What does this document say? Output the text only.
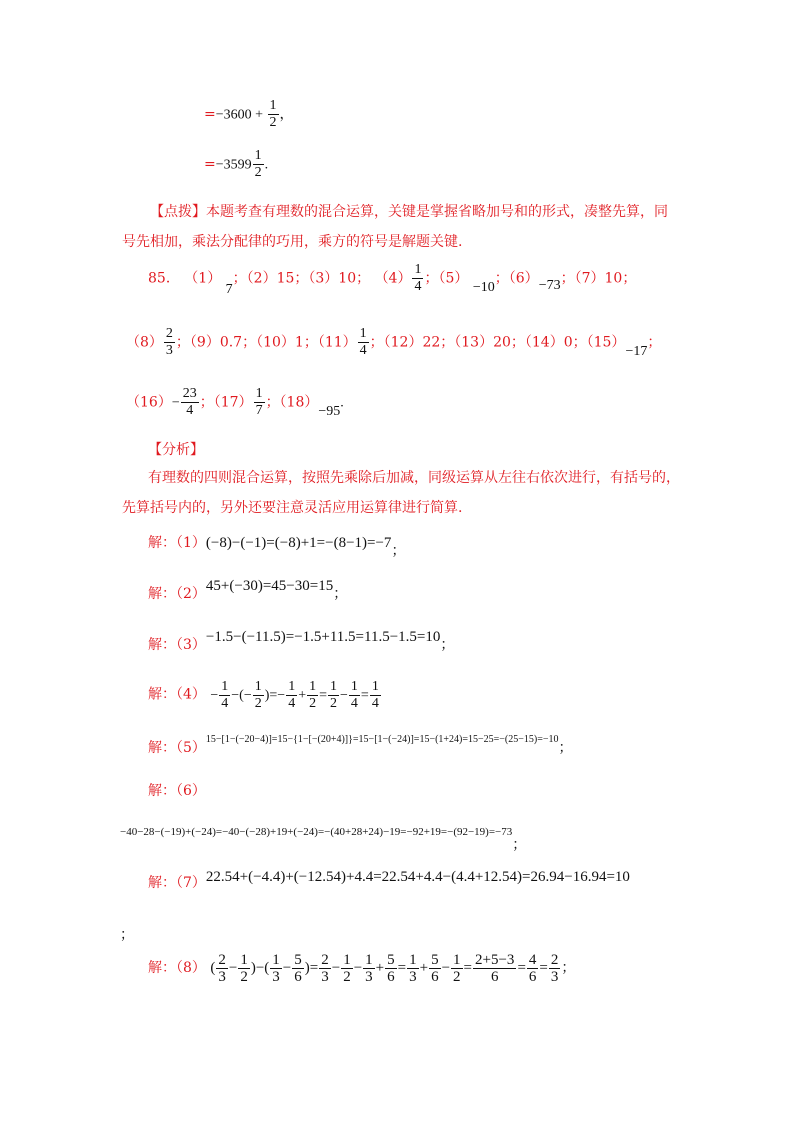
$=-3600 + \frac{1}{2}$ ，
$=-3599 \frac{1}{2}$ .
【点拨】本题考查有理数的混合运算，关键是掌握省略加号和的形式，凑整先算，同
号先相加，乘法分配律的巧用，乘方的符号是解题关键.
85． （1） 7；（2）15；（3）10； $(4) \frac{1}{4}$ ；（5） −10；（6）−73；（7）10；
$(8) \frac{2}{3}$ ；（9）0.7；（10）1；$(11) \frac{1}{4}$ ；（12）22；（13）20；（14）0；（15）−17；
$(16)- \frac{23}{4}$ ；$(17) \frac{1}{7}$ ；（18）−95.
【分析】
有理数的四则混合运算，按照先乘除后加减，同级运算从左往右依次进行，有括号的，
先算括号内的，另外还要注意灵活应用运算律进行简算.
解：（1）(−8)−(−1)=(−8)+1=−(8−1)=−7；
解：（2）45+(−30)=45−30=15；
解：（3）−1.5−(−11.5)=−1.5+11.5=11.5−1.5=10；
解：$(4) - \frac{1}{4}$ −(− $\frac{1}{2}$ )=− $\frac{1}{4} + \frac{1}{2} = \frac{1}{2} - \frac{1}{4} = \frac{1}{4}$
解：$(5)^{15-[1-(-20-4)]=15-\{1-[-(20+4)]\}=15-[1-(-24)]=15-(1+24)=15-25=-(25-15)=-10}$；
解：（6）
−40−28−(−19)+(−24)=−40−(−28)+19+(−24)=−(40+28+24)−19=−92+19=−(92−19)=−73；
解：（7）22.54+(−4.4)+(−12.54)+4.4=22.54+4.4−(4.4+12.54)=26.94−16.94=10
；
解：（8） ( $\frac{2}{3} - \frac{1}{2}$ )−( $\frac{1}{3} - \frac{5}{6}$ )= $\frac{2}{3} - \frac{1}{2} - \frac{1}{3} + \frac{5}{6} = \frac{1}{3} + \frac{5}{6} - \frac{1}{2} = \frac{2+5-3}{6} = \frac{4}{6} = \frac{2}{3}$ ；
